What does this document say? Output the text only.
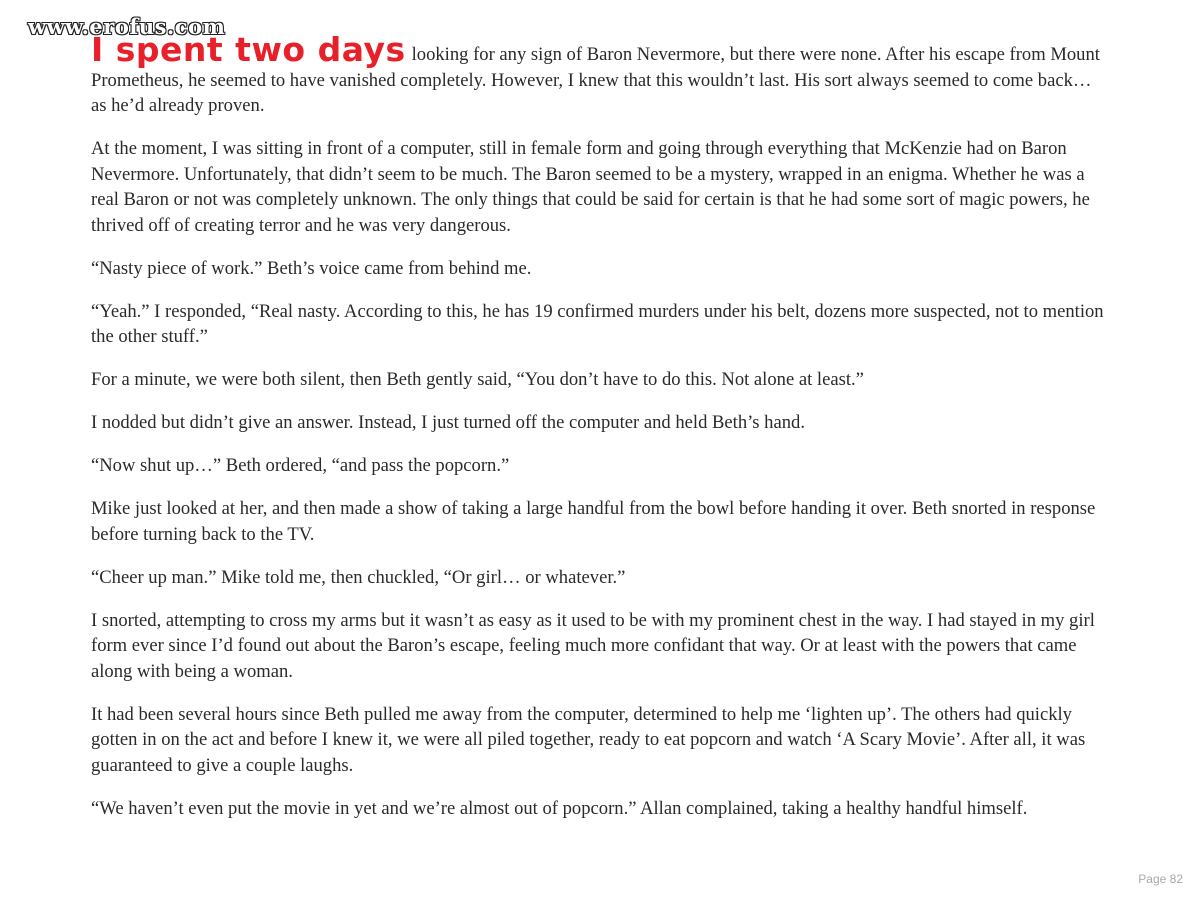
www.erofus.com

I spent two days looking for any sign of Baron Nevermore, but there were none. After his escape from Mount Prometheus, he seemed to have vanished completely. However, I knew that this wouldn’t last. His sort always seemed to come back… as he’d already proven.

At the moment, I was sitting in front of a computer, still in female form and going through everything that McKenzie had on Baron Nevermore. Unfortunately, that didn’t seem to be much. The Baron seemed to be a mystery, wrapped in an enigma. Whether he was a real Baron or not was completely unknown. The only things that could be said for certain is that he had some sort of magic powers, he thrived off of creating terror and he was very dangerous.

“Nasty piece of work.” Beth’s voice came from behind me.

“Yeah.” I responded, “Real nasty. According to this, he has 19 confirmed murders under his belt, dozens more suspected, not to mention the other stuff.”

For a minute, we were both silent, then Beth gently said, “You don’t have to do this. Not alone at least.”

I nodded but didn’t give an answer. Instead, I just turned off the computer and held Beth’s hand.

“Now shut up…” Beth ordered, “and pass the popcorn.”

Mike just looked at her, and then made a show of taking a large handful from the bowl before handing it over. Beth snorted in response before turning back to the TV.

“Cheer up man.” Mike told me, then chuckled, “Or girl… or whatever.”

I snorted, attempting to cross my arms but it wasn’t as easy as it used to be with my prominent chest in the way. I had stayed in my girl form ever since I’d found out about the Baron’s escape, feeling much more confidant that way. Or at least with the powers that came along with being a woman.

It had been several hours since Beth pulled me away from the computer, determined to help me ‘lighten up’. The others had quickly gotten in on the act and before I knew it, we were all piled together, ready to eat popcorn and watch ‘A Scary Movie’. After all, it was guaranteed to give a couple laughs.

“We haven’t even put the movie in yet and we’re almost out of popcorn.” Allan complained, taking a healthy handful himself.

Page 82
